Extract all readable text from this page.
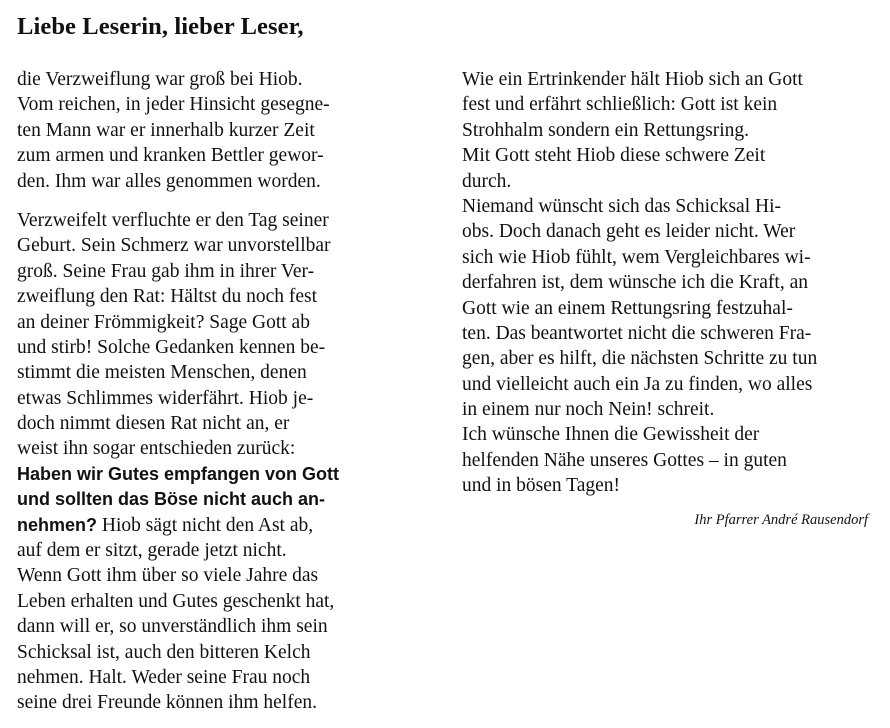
Liebe Leserin, lieber Leser,
die Verzweiflung war groß bei Hiob.
Vom reichen, in jeder Hinsicht gesegne-
ten Mann war er innerhalb kurzer Zeit
zum armen und kranken Bettler gewor-
den. Ihm war alles genommen worden.
Verzweifelt verfluchte er den Tag seiner
Geburt. Sein Schmerz war unvorstellbar
groß. Seine Frau gab ihm in ihrer Ver-
zweiflung den Rat: Hältst du noch fest
an deiner Frömmigkeit? Sage Gott ab
und stirb! Solche Gedanken kennen be-
stimmt die meisten Menschen, denen
etwas Schlimmes widerfährt. Hiob je-
doch nimmt diesen Rat nicht an, er
weist ihn sogar entschieden zurück:
Haben wir Gutes empfangen von Gott
und sollten das Böse nicht auch an-
nehmen? Hiob sägt nicht den Ast ab,
auf dem er sitzt, gerade jetzt nicht.
Wenn Gott ihm über so viele Jahre das
Leben erhalten und Gutes geschenkt hat,
dann will er, so unverständlich ihm sein
Schicksal ist, auch den bitteren Kelch
nehmen. Halt. Weder seine Frau noch
seine drei Freunde können ihm helfen.
Wie ein Ertrinkender hält Hiob sich an Gott
fest und erfährt schließlich: Gott ist kein
Strohhalm sondern ein Rettungsring.
Mit Gott steht Hiob diese schwere Zeit
durch.
Niemand wünscht sich das Schicksal Hi-
obs. Doch danach geht es leider nicht. Wer
sich wie Hiob fühlt, wem Vergleichbares wi-
derfahren ist, dem wünsche ich die Kraft, an
Gott wie an einem Rettungsring festzuhal-
ten. Das beantwortet nicht die schweren Fra-
gen, aber es hilft, die nächsten Schritte zu tun
und vielleicht auch ein Ja zu finden, wo alles
in einem nur noch Nein! schreit.
Ich wünsche Ihnen die Gewissheit der
helfenden Nähe unseres Gottes – in guten
und in bösen Tagen!
Ihr Pfarrer André Rausendorf
